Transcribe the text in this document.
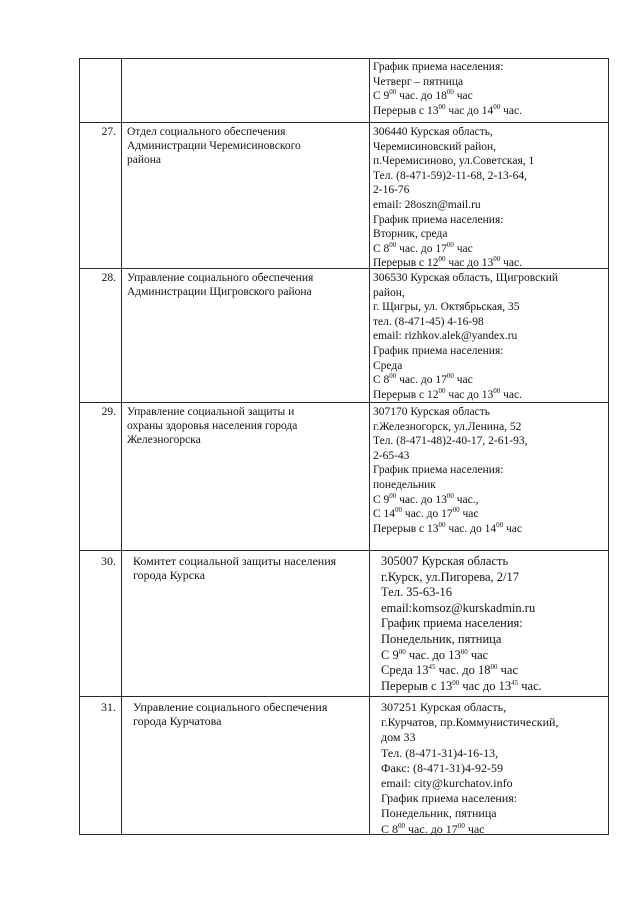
График приема населения:
Четверг – пятница
С $9^{00}$ час. до $18^{00}$ час
Перерыв с $13^{00}$ час до $14^{00}$ час.
27. Отдел социального обеспечения
Администрации Черемисиновского
района
306440 Курская область,
Черемисиновский район,
п.Черемисиново, ул.Советская, 1
Тел. (8-471-59)2-11-68, 2-13-64,
2-16-76
email: 28oszn@mail.ru
График приема населения:
Вторник, среда
С $8^{00}$ час. до $17^{00}$ час
Перерыв с $12^{00}$ час до $13^{00}$ час.
28. Управление социального обеспечения
Администрации Щигровского района
306530 Курская область, Щигровский
район,
г. Щигры, ул. Октябрьская, 35
тел. (8-471-45) 4-16-98
email: rizhkov.alek@yandex.ru
График приема населения:
Среда
С $8^{00}$ час. до $17^{00}$ час
Перерыв с $12^{00}$ час до $13^{00}$ час.
29. Управление социальной защиты и
охраны здоровья населения города
Железногорска
307170 Курская область
г.Железногорск, ул.Ленина, 52
Тел. (8-471-48)2-40-17, 2-61-93,
2-65-43
График приема населения:
понедельник
С $9^{00}$ час. до $13^{00}$ час.,
С $14^{00}$ час. до $17^{00}$ час
Перерыв с $13^{00}$ час. до $14^{00}$ час
30. Комитет социальной защиты населения
города Курска
305007 Курская область
г.Курск, ул.Пигорева, 2/17
Тел. 35-63-16
email:komsoz@kurskadmin.ru
График приема населения:
Понедельник, пятница
С $9^{00}$ час. до $13^{00}$ час
Среда $13^{45}$ час. до $18^{00}$ час
Перерыв с $13^{00}$ час до $13^{45}$ час.
31. Управление социального обеспечения
города Курчатова
307251 Курская область,
г.Курчатов, пр.Коммунистический,
дом 33
Тел. (8-471-31)4-16-13,
Факс: (8-471-31)4-92-59
email: city@kurchatov.info
График приема населения:
Понедельник, пятница
С $8^{00}$ час. до $17^{00}$ час
